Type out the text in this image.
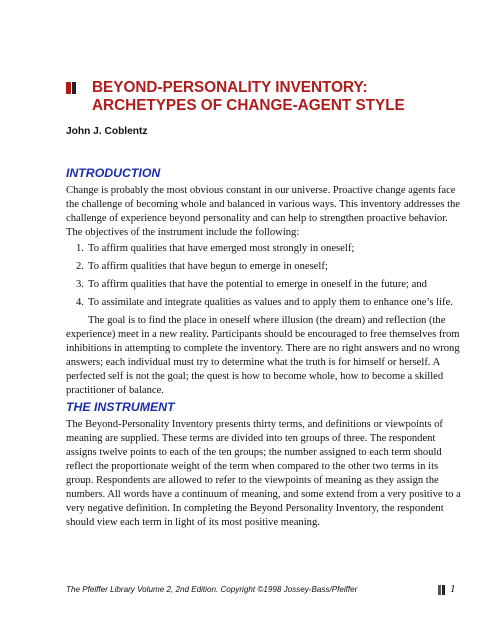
BEYOND-PERSONALITY INVENTORY:
ARCHETYPES OF CHANGE-AGENT STYLE

John J. Coblentz

INTRODUCTION

Change is probably the most obvious constant in our universe. Proactive change agents face the challenge of becoming whole and balanced in various ways. This inventory addresses the challenge of experience beyond personality and can help to strengthen proactive behavior. The objectives of the instrument include the following:

1. To affirm qualities that have emerged most strongly in oneself;
2. To affirm qualities that have begun to emerge in oneself;
3. To affirm qualities that have the potential to emerge in oneself in the future; and
4. To assimilate and integrate qualities as values and to apply them to enhance one’s life.

The goal is to find the place in oneself where illusion (the dream) and reflection (the experience) meet in a new reality. Participants should be encouraged to free themselves from inhibitions in attempting to complete the inventory. There are no right answers and no wrong answers; each individual must try to determine what the truth is for himself or herself. A perfected self is not the goal; the quest is how to become whole, how to become a skilled practitioner of balance.

THE INSTRUMENT

The Beyond-Personality Inventory presents thirty terms, and definitions or viewpoints of meaning are supplied. These terms are divided into ten groups of three. The respondent assigns twelve points to each of the ten groups; the number assigned to each term should reflect the proportionate weight of the term when compared to the other two terms in its group. Respondents are allowed to refer to the viewpoints of meaning as they assign the numbers. All words have a continuum of meaning, and some extend from a very positive to a very negative definition. In completing the Beyond Personality Inventory, the respondent should view each term in light of its most positive meaning.

The Pfeiffer Library Volume 2, 2nd Edition. Copyright ©1998 Jossey-Bass/Pfeiffer	1
